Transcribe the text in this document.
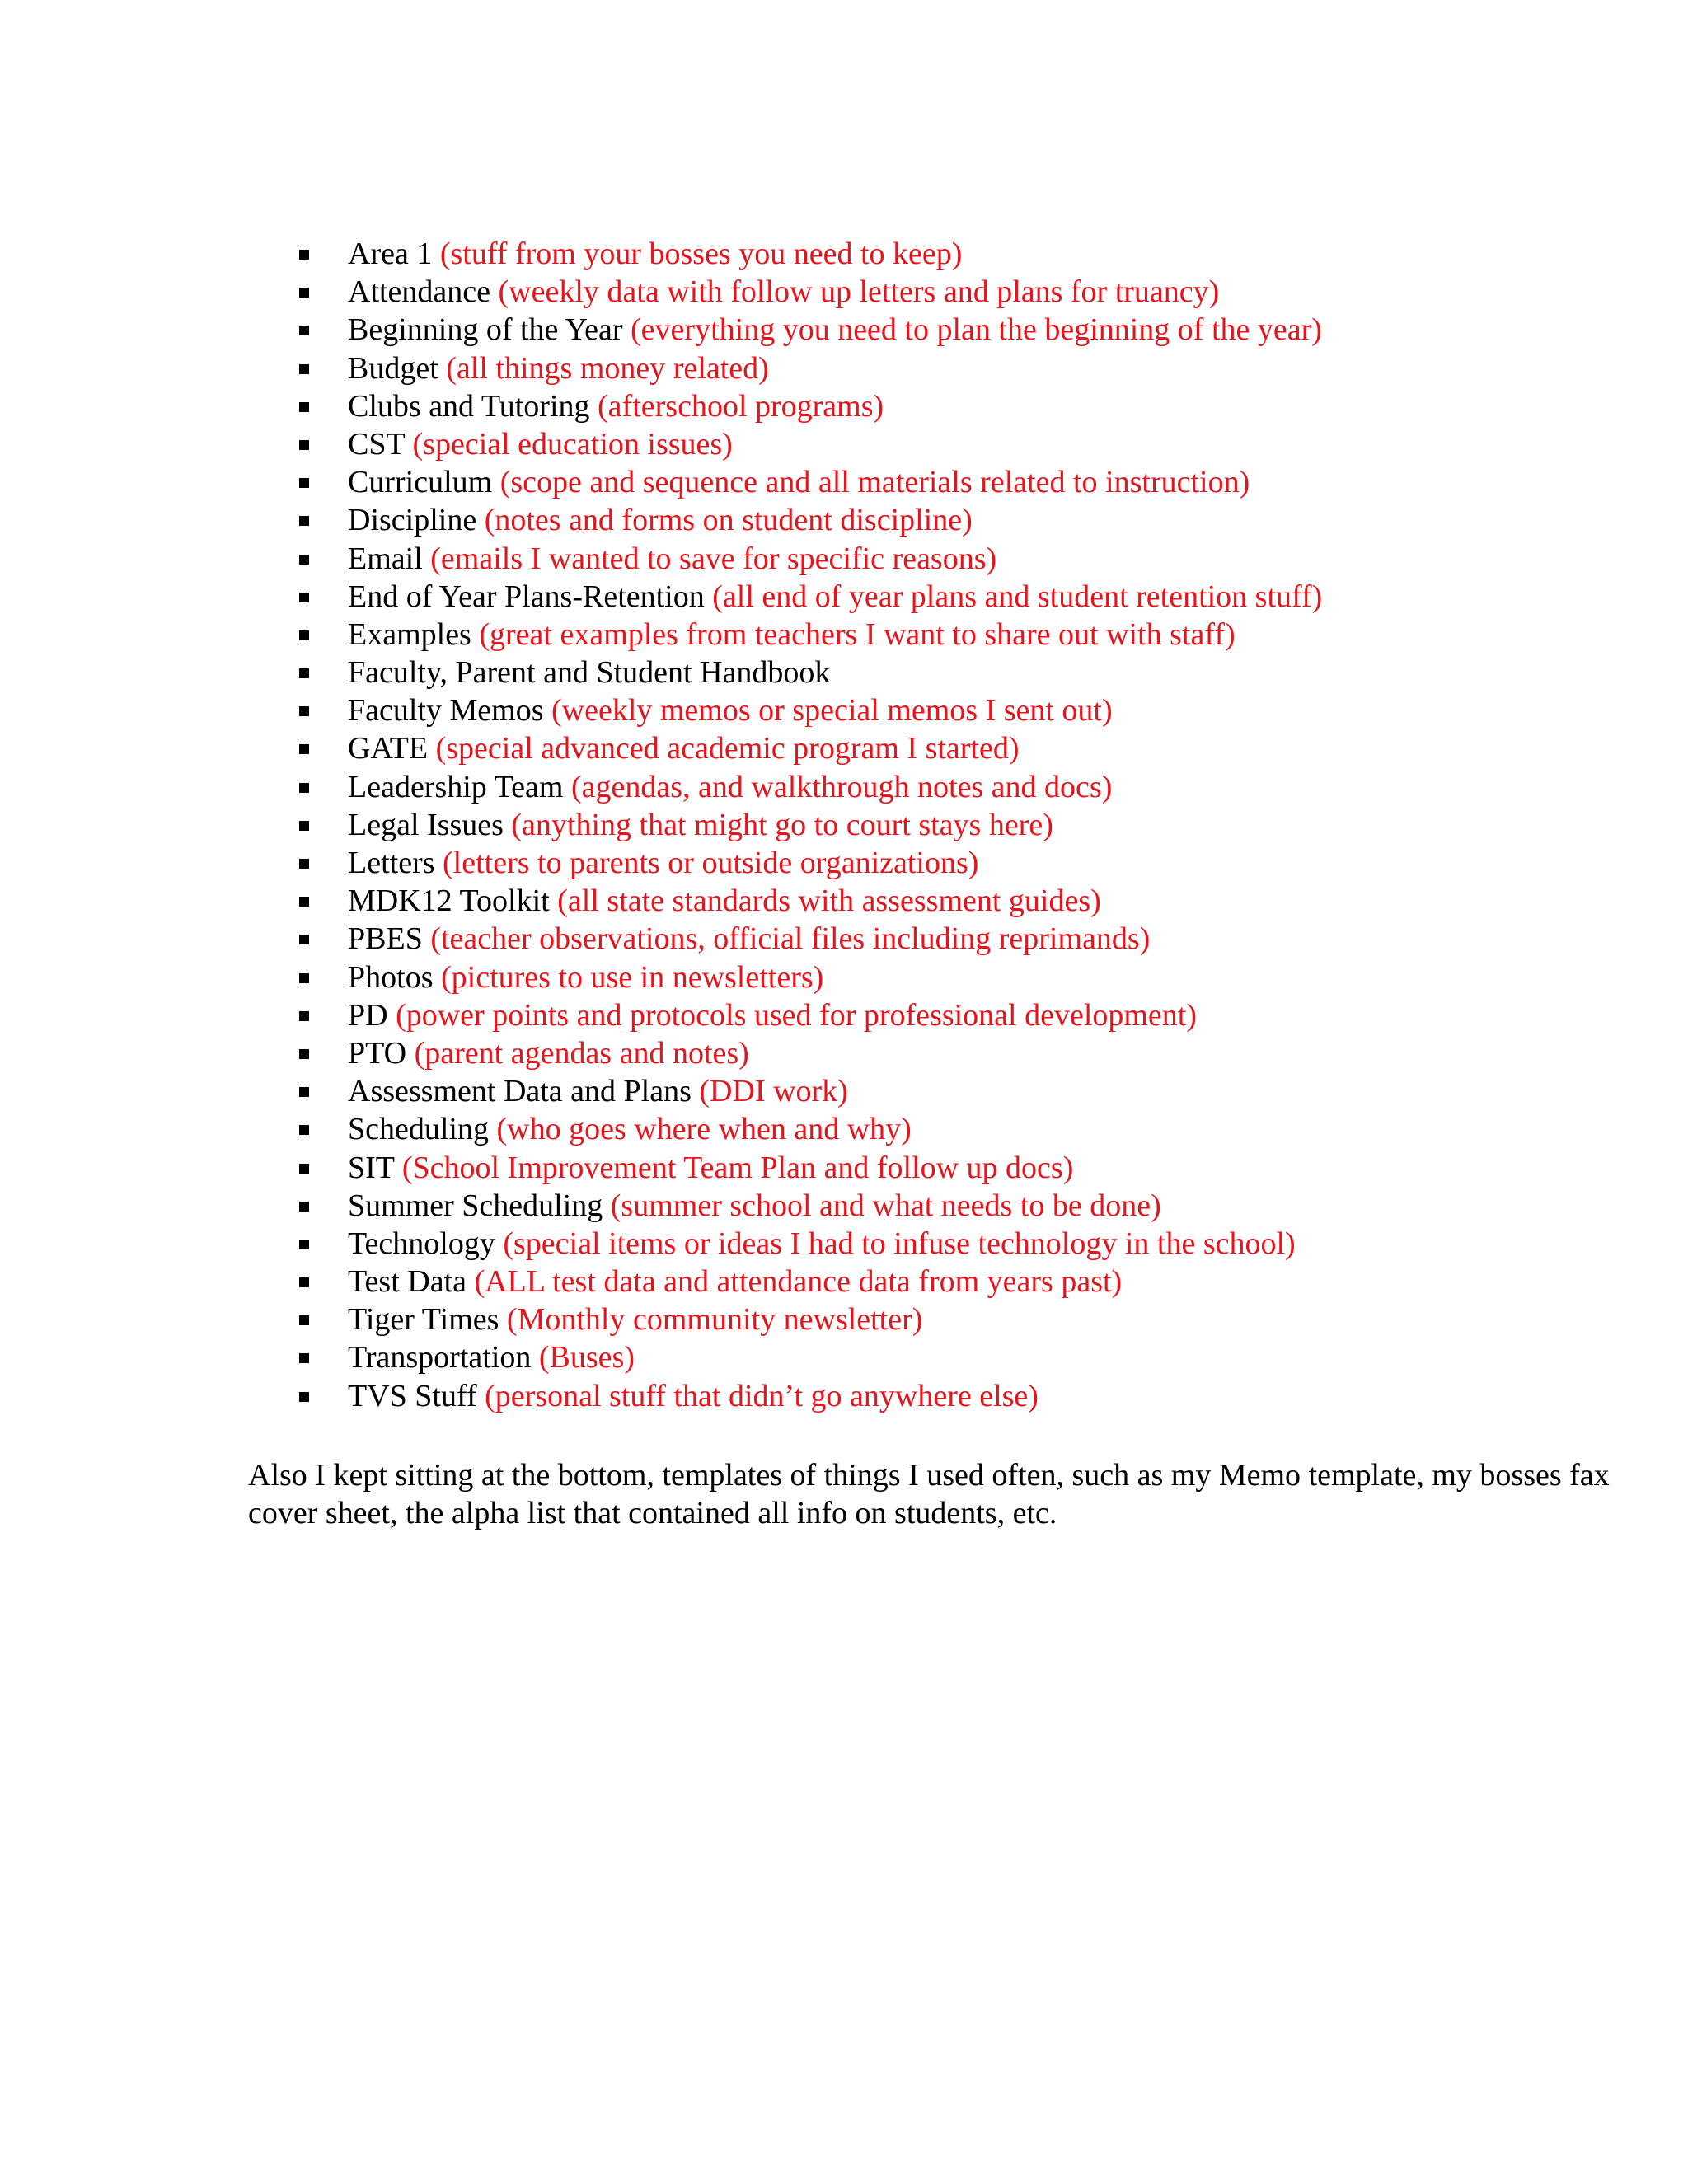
Area 1 (stuff from your bosses you need to keep)
Attendance (weekly data with follow up letters and plans for truancy)
Beginning of the Year (everything you need to plan the beginning of the year)
Budget (all things money related)
Clubs and Tutoring (afterschool programs)
CST (special education issues)
Curriculum (scope and sequence and all materials related to instruction)
Discipline (notes and forms on student discipline)
Email (emails I wanted to save for specific reasons)
End of Year Plans-Retention (all end of year plans and student retention stuff)
Examples (great examples from teachers I want to share out with staff)
Faculty, Parent and Student Handbook
Faculty Memos (weekly memos or special memos I sent out)
GATE (special advanced academic program I started)
Leadership Team (agendas, and walkthrough notes and docs)
Legal Issues (anything that might go to court stays here)
Letters (letters to parents or outside organizations)
MDK12 Toolkit (all state standards with assessment guides)
PBES (teacher observations, official files including reprimands)
Photos (pictures to use in newsletters)
PD (power points and protocols used for professional development)
PTO (parent agendas and notes)
Assessment Data and Plans (DDI work)
Scheduling (who goes where when and why)
SIT (School Improvement Team Plan and follow up docs)
Summer Scheduling (summer school and what needs to be done)
Technology (special items or ideas I had to infuse technology in the school)
Test Data (ALL test data and attendance data from years past)
Tiger Times (Monthly community newsletter)
Transportation (Buses)
TVS Stuff (personal stuff that didn’t go anywhere else)

Also I kept sitting at the bottom, templates of things I used often, such as my Memo template, my bosses fax cover sheet, the alpha list that contained all info on students, etc.
